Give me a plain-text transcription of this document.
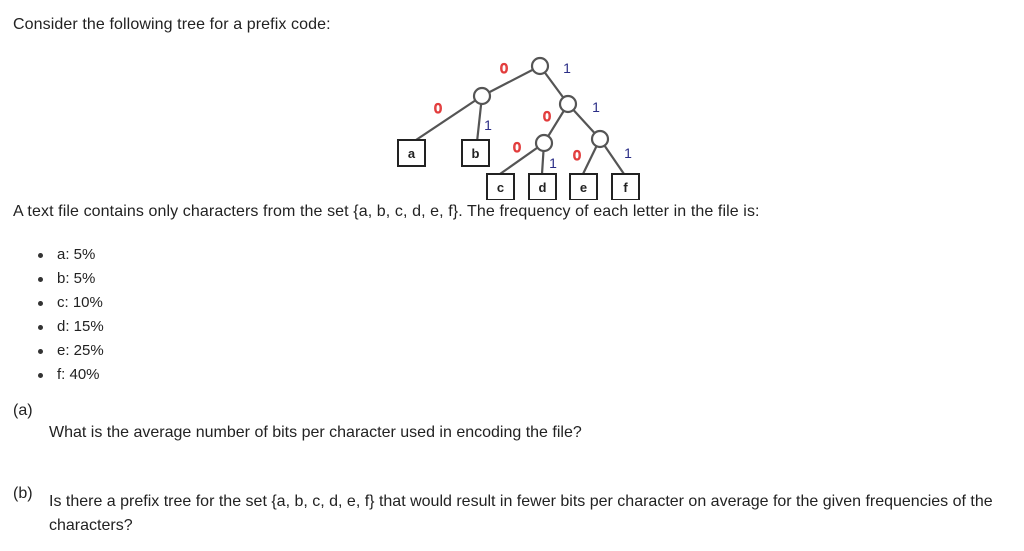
Consider the following tree for a prefix code:
a	b
c	d	e	f
0
0	0
0	0
1
1
1
1
1
A text file contains only characters from the set {a, b, c, d, e, f}. The frequency of each letter in the file is:
a: 5%
b: 5%
c: 10%
d: 15%
e: 25%
f: 40%
(a)
What is the average number of bits per character used in encoding the file?
(b) Is there a prefix tree for the set {a, b, c, d, e, f} that would result in fewer bits per character on average for the given frequencies of the characters?
